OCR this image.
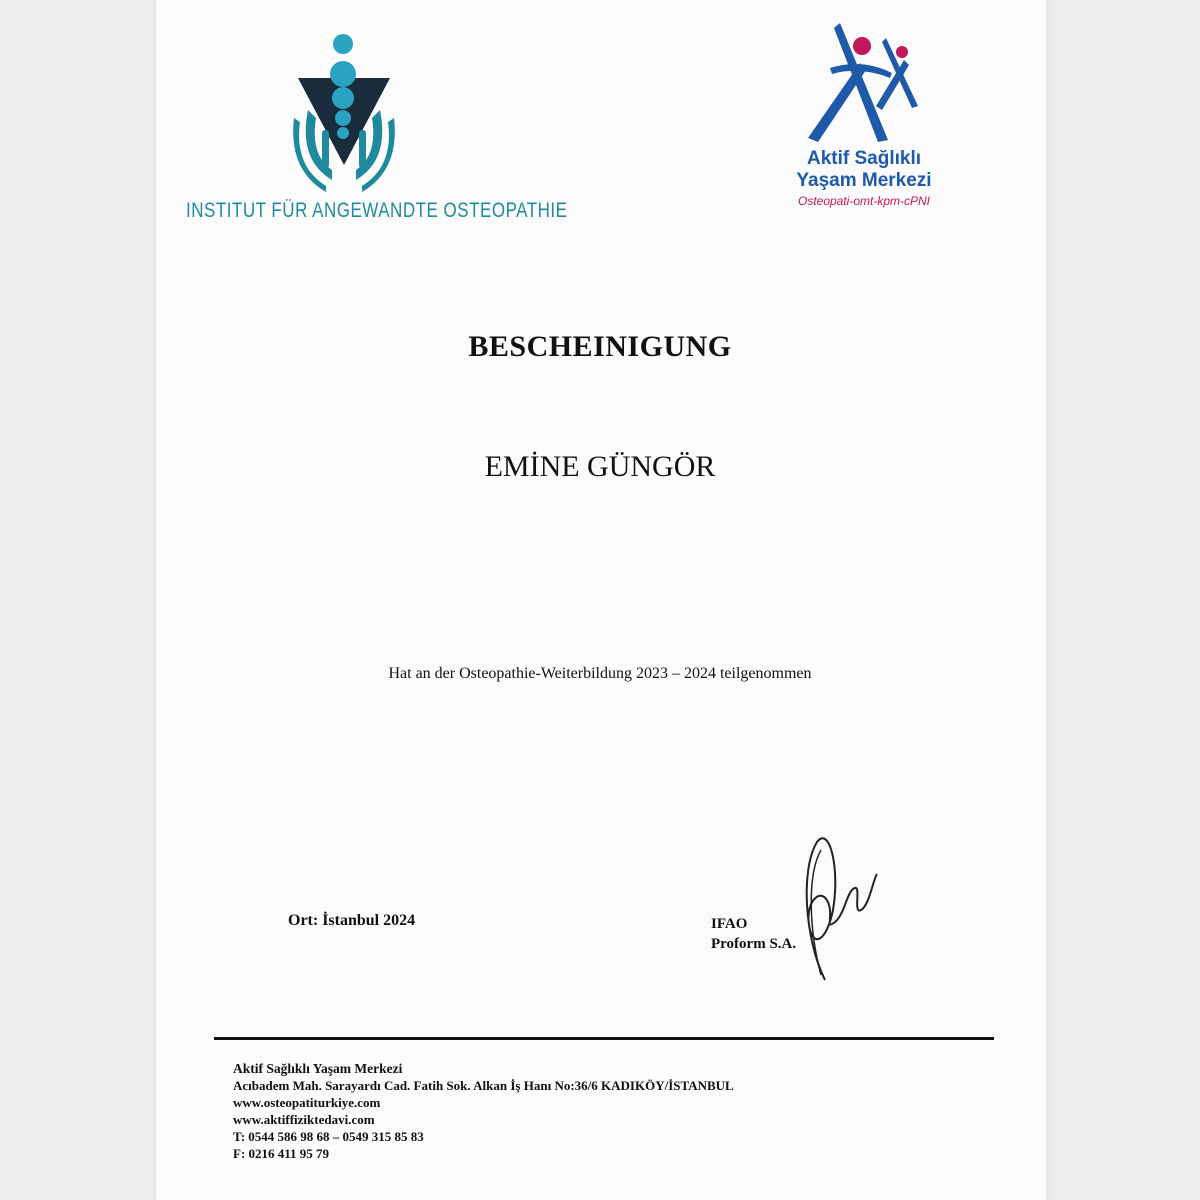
INSTITUT FÜR ANGEWANDTE OSTEOPATHIE
Aktif Sağlıklı
Yaşam Merkezi
Osteopati-omt-kpm-cPNI
BESCHEINIGUNG
EMİNE GÜNGÖR
Hat an der Osteopathie-Weiterbildung 2023 – 2024 teilgenommen
Ort: İstanbul 2024	IFAO
Proform S.A.
Aktif Sağlıklı Yaşam Merkezi
Acıbadem Mah. Sarayardı Cad. Fatih Sok. Alkan İş Hanı No:36/6 KADIKÖY/İSTANBUL
www.osteopatiturkiye.com
www.aktiffiziktedavi.com
T: 0544 586 98 68 – 0549 315 85 83
F: 0216 411 95 79
